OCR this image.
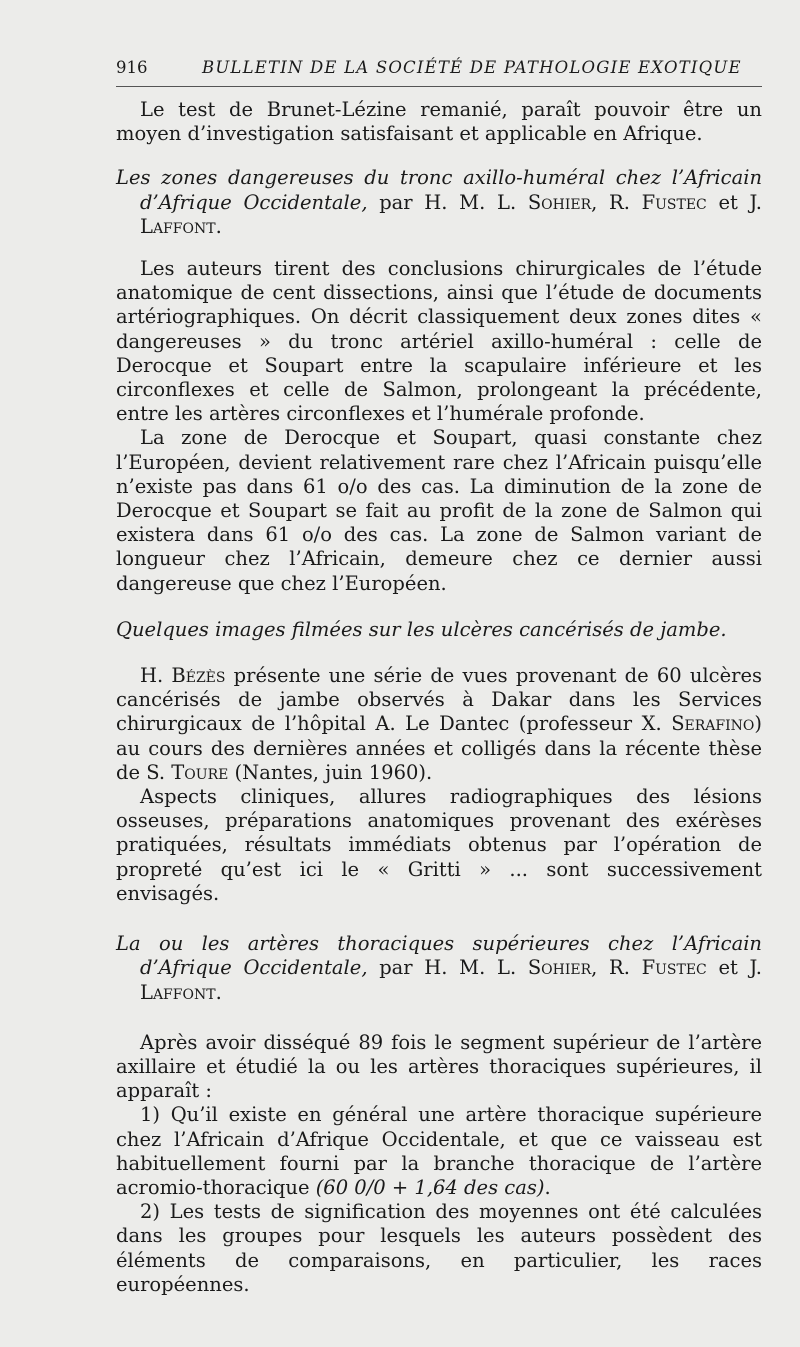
916	BULLETIN DE LA SOCIÉTÉ DE PATHOLOGIE EXOTIQUE

Le test de Brunet-Lézine remanié, paraît pouvoir être un moyen d’investigation satisfaisant et applicable en Afrique.

Les zones dangereuses du tronc axillo-huméral chez l’Africain d’Afrique Occidentale, par H. M. L. Sohier, R. Fustec et J. Laffont.

Les auteurs tirent des conclusions chirurgicales de l’étude anatomique de cent dissections, ainsi que l’étude de documents artériographiques. On décrit classiquement deux zones dites « dangereuses » du tronc artériel axillo-huméral : celle de Derocque et Soupart entre la scapulaire inférieure et les circonflexes et celle de Salmon, prolongeant la précédente, entre les artères circonflexes et l’humérale profonde.

La zone de Derocque et Soupart, quasi constante chez l’Européen, devient relativement rare chez l’Africain puisqu’elle n’existe pas dans 61 o/o des cas. La diminution de la zone de Derocque et Soupart se fait au profit de la zone de Salmon qui existera dans 61 o/o des cas. La zone de Salmon variant de longueur chez l’Africain, demeure chez ce dernier aussi dangereuse que chez l’Européen.

Quelques images filmées sur les ulcères cancérisés de jambe.

H. Bézès présente une série de vues provenant de 60 ulcères cancérisés de jambe observés à Dakar dans les Services chirurgicaux de l’hôpital A. Le Dantec (professeur X. Serafino) au cours des dernières années et colligés dans la récente thèse de S. Toure (Nantes, juin 1960).

Aspects cliniques, allures radiographiques des lésions osseuses, préparations anatomiques provenant des exérèses pratiquées, résultats immédiats obtenus par l’opération de propreté qu’est ici le « Gritti » ... sont successivement envisagés.

La ou les artères thoraciques supérieures chez l’Africain d’Afrique Occidentale, par H. M. L. Sohier, R. Fustec et J. Laffont.

Après avoir disséqué 89 fois le segment supérieur de l’artère axillaire et étudié la ou les artères thoraciques supérieures, il apparaît :

1) Qu’il existe en général une artère thoracique supérieure chez l’Africain d’Afrique Occidentale, et que ce vaisseau est habituellement fourni par la branche thoracique de l’artère acromio-thoracique (60 0/0 + 1,64 des cas).

2) Les tests de signification des moyennes ont été calculées dans les groupes pour lesquels les auteurs possèdent des éléments de comparaisons, en particulier, les races européennes.
